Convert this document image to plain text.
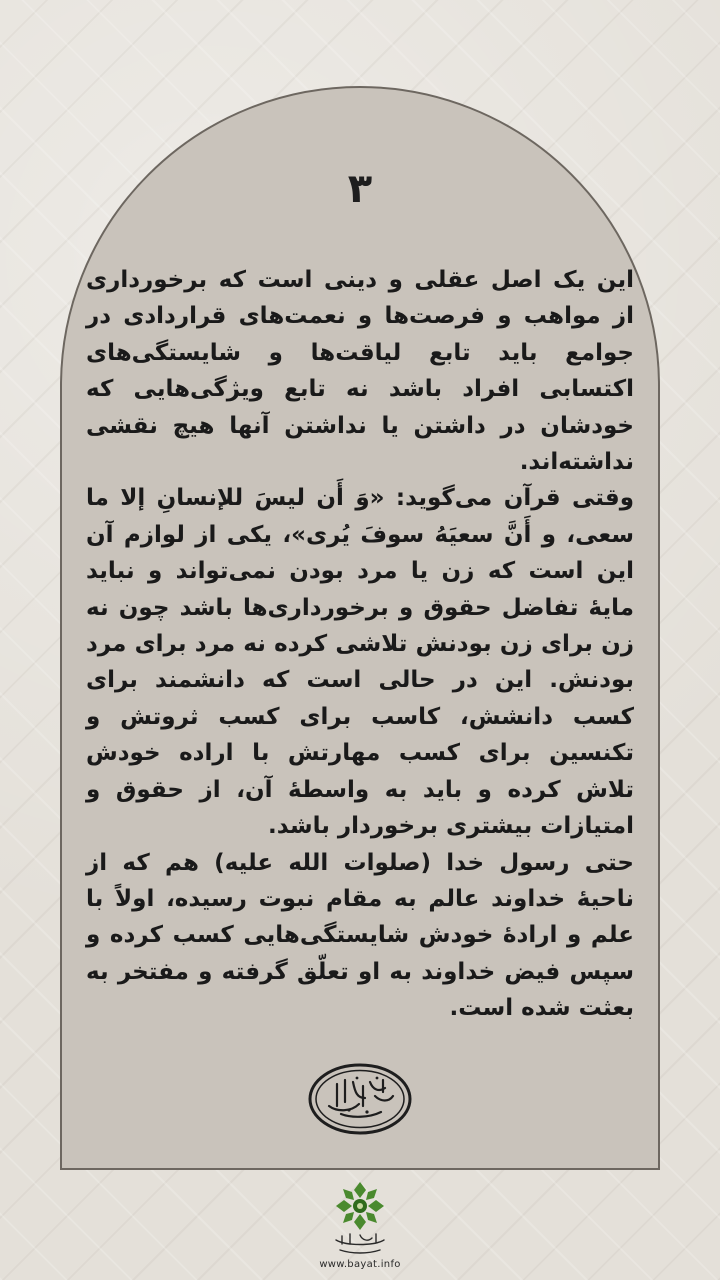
۳

این یک اصل عقلی و دینی است که برخورداری از مواهب و فرصت‌ها و نعمت‌های قراردادی در جوامع باید تابع لیاقت‌ها و شایستگی‌های اکتسابی افراد باشد نه تابع ویژگی‌هایی که خودشان در داشتن یا نداشتن آنها هیچ نقشی نداشته‌اند.

وقتی قرآن می‌گوید: «وَ أَن لیسَ للإنسانِ إلا ما سعی، و أَنَّ سعیَهُ سوفَ یُری»، یکی از لوازم آن این است که زن یا مرد بودن نمی‌تواند و نباید مایهٔ تفاضل حقوق و برخورداری‌ها باشد چون نه زن برای زن بودنش تلاشی کرده نه مرد برای مرد بودنش. این در حالی است که دانشمند برای کسب دانشش، کاسب برای کسب ثروتش و تکنسین برای کسب مهارتش با اراده خودش تلاش کرده و باید به واسطهٔ آن، از حقوق و امتیازات بیشتری برخوردار باشد.

حتی رسول خدا (صلوات الله علیه) هم که از ناحیهٔ خداوند عالم به مقام نبوت رسیده، اولاً با علم و ارادهٔ خودش شایستگی‌هایی کسب کرده و سپس فیض خداوند به او تعلّق گرفته و مفتخر به بعثت شده است.

www.bayat.info
